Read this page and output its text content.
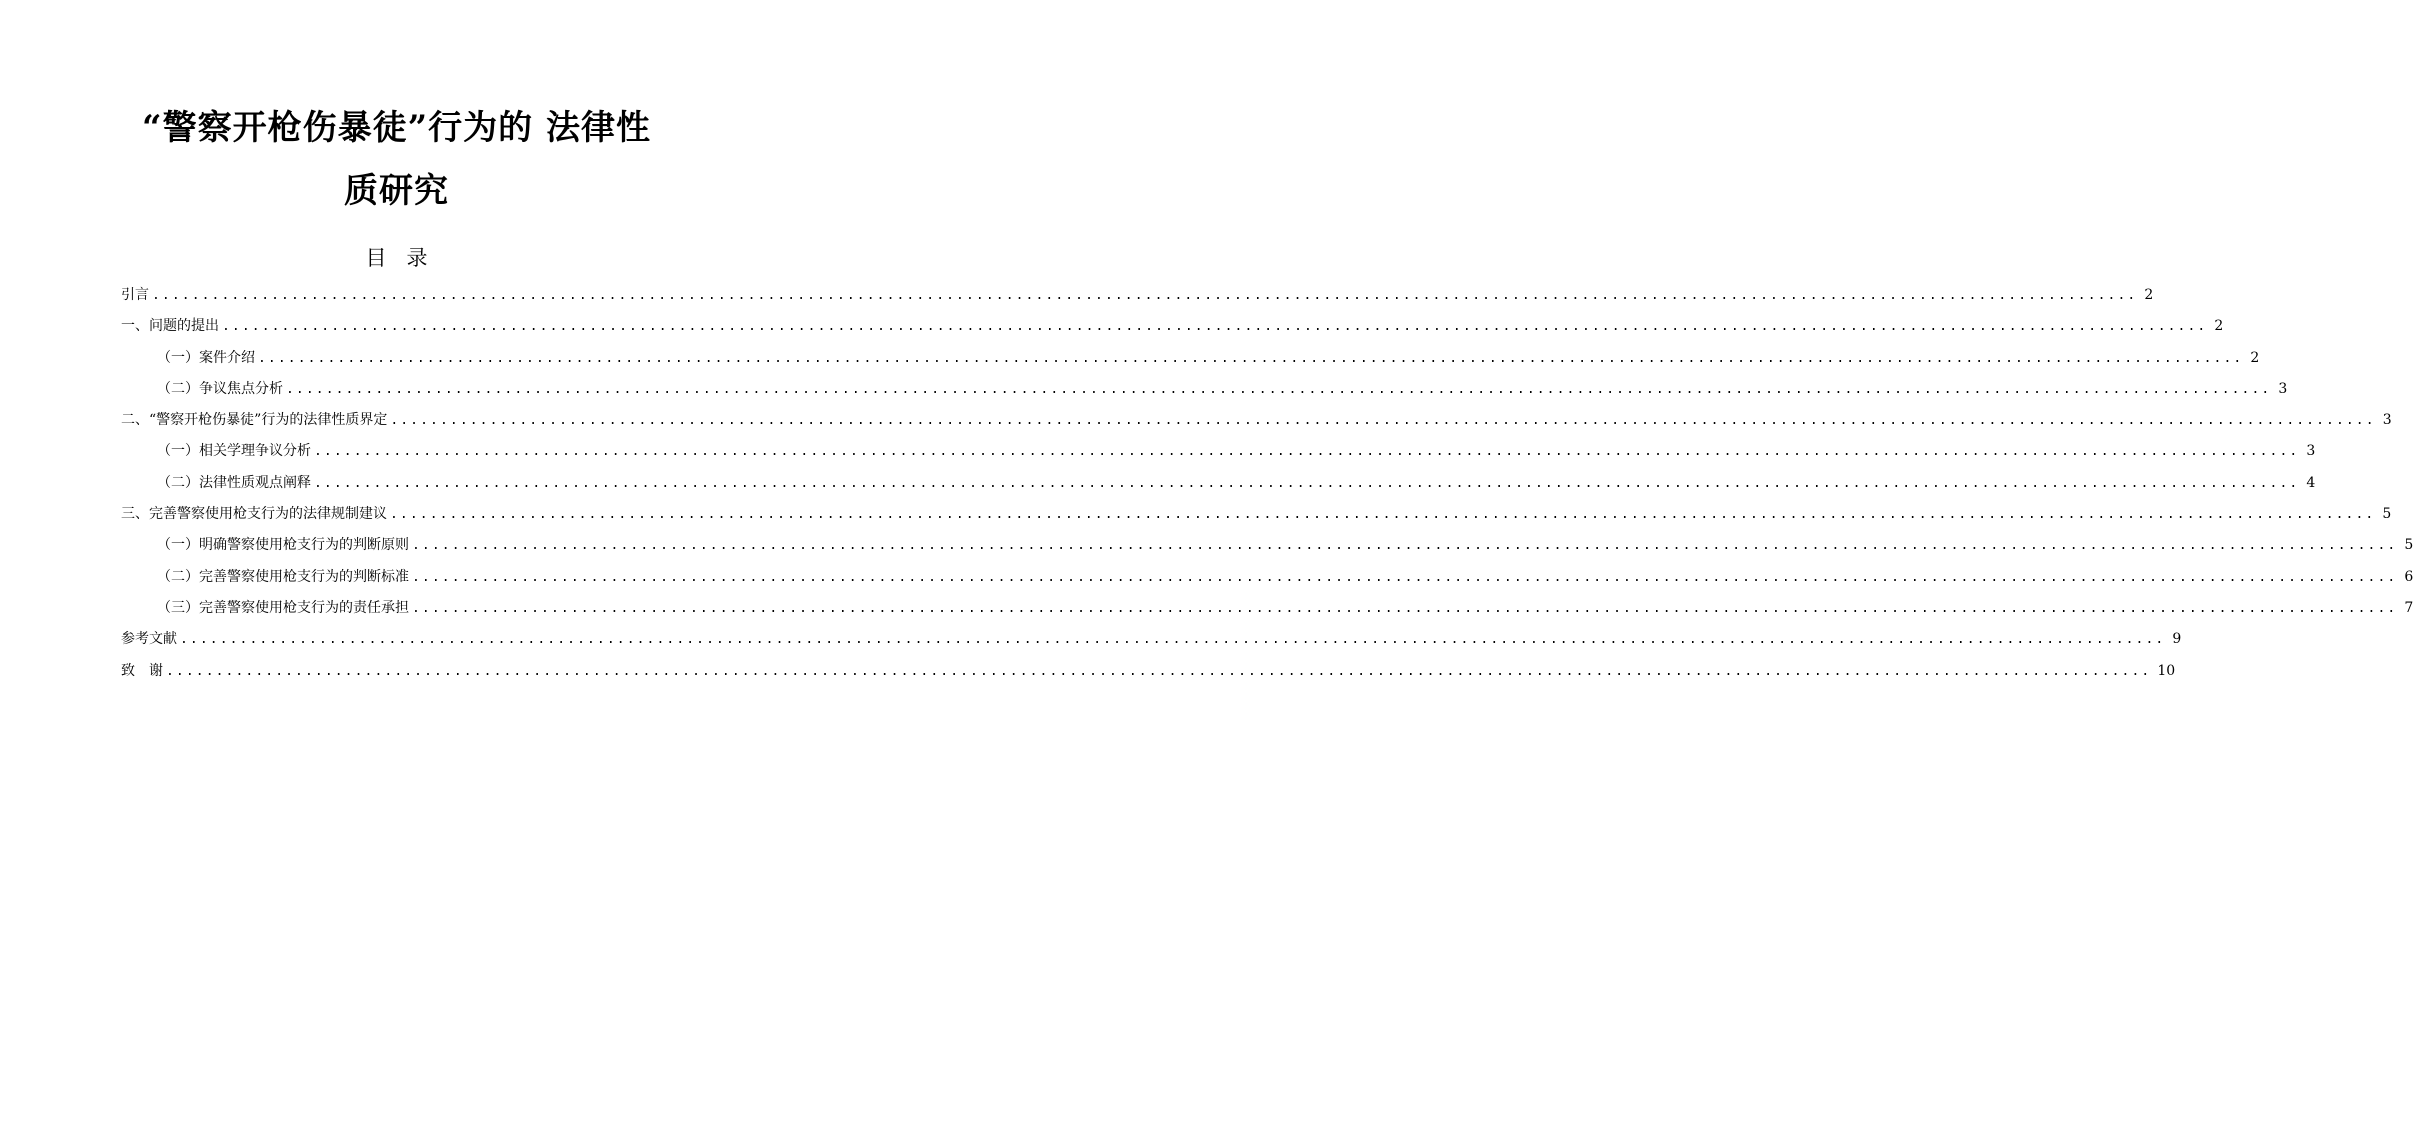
“警察开枪伤暴徒”行为的 法律性
质研究
目录
引言 ........................................................................................................................................................................................................ 2
一、问题的提出 ........................................................................................................................................................................................................ 2
（一）案件介绍 ........................................................................................................................................................................................................ 2
（二）争议焦点分析 ........................................................................................................................................................................................................ 3
二、“警察开枪伤暴徒”行为的法律性质界定 ........................................................................................................................................................................................................ 3
（一）相关学理争议分析 ........................................................................................................................................................................................................ 3
（二）法律性质观点阐释 ........................................................................................................................................................................................................ 4
三、完善警察使用枪支行为的法律规制建议 ........................................................................................................................................................................................................ 5
（一）明确警察使用枪支行为的判断原则 ........................................................................................................................................................................................................ 5
（二）完善警察使用枪支行为的判断标准 ........................................................................................................................................................................................................ 6
（三）完善警察使用枪支行为的责任承担 ........................................................................................................................................................................................................ 7
参考文献 ........................................................................................................................................................................................................ 9
致　谢 ........................................................................................................................................................................................................ 10
